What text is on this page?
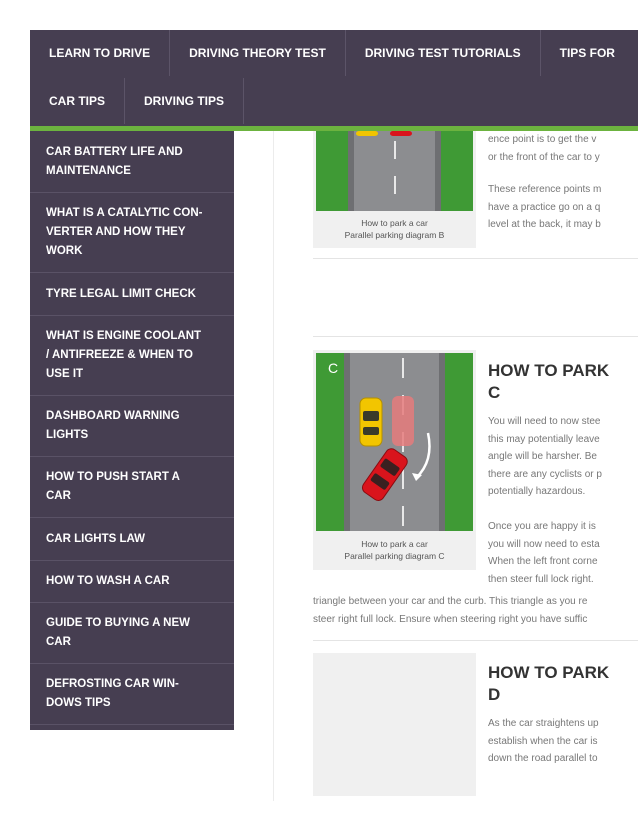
LEARN TO DRIVE	DRIVING THEORY TEST	DRIVING TEST TUTORIALS	TIPS FOR
CAR TIPS	DRIVING TIPS
CAR BATTERY LIFE AND
MAINTENANCE
WHAT IS A CATALYTIC CON-
VERTER AND HOW THEY
WORK
TYRE LEGAL LIMIT CHECK
WHAT IS ENGINE COOLANT
/ ANTIFREEZE & WHEN TO
USE IT
DASHBOARD WARNING
LIGHTS
HOW TO PUSH START A
CAR
CAR LIGHTS LAW
HOW TO WASH A CAR
GUIDE TO BUYING A NEW
CAR
DEFROSTING CAR WIN-
DOWS TIPS
How to park a car
Parallel parking diagram B
ence point is to get the v
or the front of the car to y
These reference points m
have a practice go on a q
level at the back, it may b
C
How to park a car
Parallel parking diagram C
HOW TO PARK
C
You will need to now stee
this may potentially leave
angle will be harsher. Be
there are any cyclists or p
potentially hazardous.
Once you are happy it is
you will now need to esta
When the left front corne
then steer full lock right.
triangle between your car and the curb. This triangle as you re
steer right full lock. Ensure when steering right you have suffic
HOW TO PARK
D
As the car straightens up
establish when the car is
down the road parallel to
